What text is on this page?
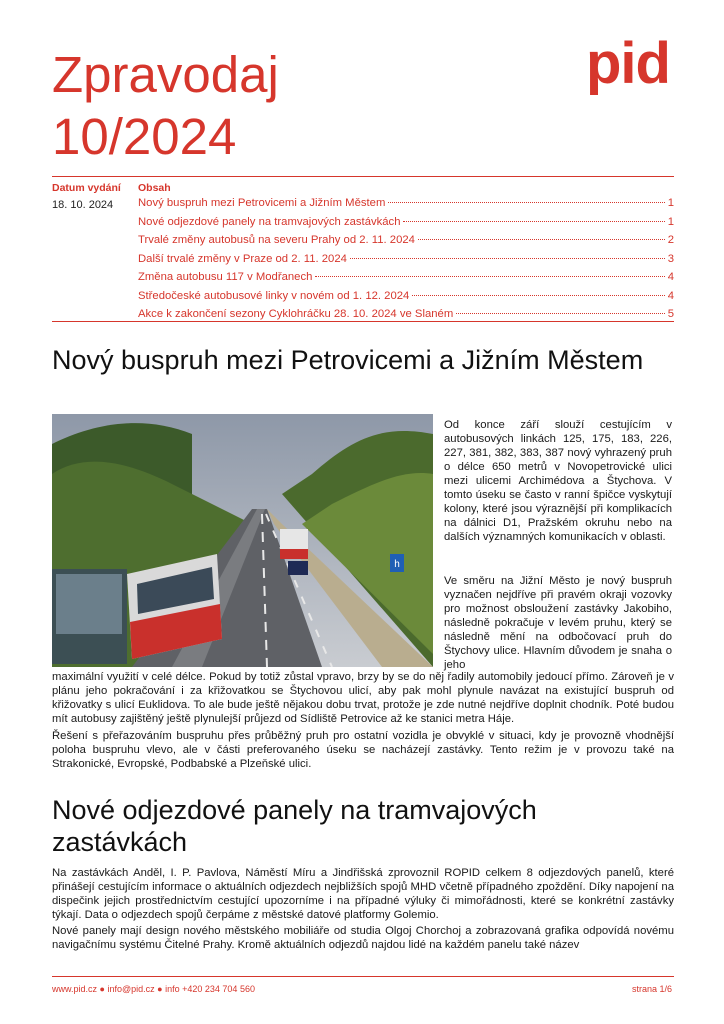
Zpravodaj
10/2024
pid
Datum vydání Obsah
18. 10. 2024 Nový buspruh mezi Petrovicemi a Jižním Městem	1
Nové odjezdové panely na tramvajových zastávkách	1
Trvalé změny autobusů na severu Prahy od 2. 11. 2024	2
Další trvalé změny v Praze od 2. 11. 2024	3
Změna autobusu 117 v Modřanech	4
Středočeské autobusové linky v novém od 1. 12. 2024	4
Akce k zakončení sezony Cyklohráčku 28. 10. 2024 ve Slaném	5
Nový buspruh mezi Petrovicemi a Jižním Městem
h
Od konce září slouží cestujícím v autobusových linkách 125, 175, 183, 226, 227, 381, 382, 383, 387 nový vyhrazený pruh o délce 650 metrů v Novopetrovické ulici mezi ulicemi Archimédova a Štychova. V tomto úseku se často v ranní špičce vyskytují kolony, které jsou výraznější při komplikacích na dálnici D1, Pražském okruhu nebo na dalších významných komunikacích v oblasti.
Ve směru na Jižní Město je nový buspruh vyznačen nejdříve při pravém okraji vozovky pro možnost obsloužení zastávky Jakobiho, následně pokračuje v levém pruhu, který se následně mění na odbočovací pruh do Štychovy ulice. Hlavním důvodem je snaha o jeho
maximální využití v celé délce. Pokud by totiž zůstal vpravo, brzy by se do něj řadily automobily jedoucí přímo. Zároveň je v plánu jeho pokračování i za křižovatkou se Štychovou ulicí, aby pak mohl plynule navázat na existující buspruh od křižovatky s ulicí Euklidova. To ale bude ještě nějakou dobu trvat, protože je zde nutné nejdříve doplnit chodník. Poté budou mít autobusy zajištěný ještě plynulejší průjezd od Sídliště Petrovice až ke stanici metra Háje.
Řešení s přeřazováním buspruhu přes průběžný pruh pro ostatní vozidla je obvyklé v situaci, kdy je provozně vhodnější poloha buspruhu vlevo, ale v části preferovaného úseku se nacházejí zastávky. Tento režim je v provozu také na Strakonické, Evropské, Podbabské a Plzeňské ulici.
Nové odjezdové panely na tramvajových zastávkách
Na zastávkách Anděl, I. P. Pavlova, Náměstí Míru a Jindřišská zprovoznil ROPID celkem 8 odjezdových panelů, které přinášejí cestujícím informace o aktuálních odjezdech nejbližších spojů MHD včetně případného zpoždění. Díky napojení na dispečink jejich prostřednictvím cestující upozorníme i na případné výluky či mimořádnosti, které se konkrétní zastávky týkají. Data o odjezdech spojů čerpáme z městské datové platformy Golemio.
Nové panely mají design nového městského mobiliáře od studia Olgoj Chorchoj a zobrazovaná grafika odpovídá novému navigačnímu systému Čitelné Prahy. Kromě aktuálních odjezdů najdou lidé na každém panelu také název
www.pid.cz ● info@pid.cz ● info +420 234 704 560	strana 1/6
